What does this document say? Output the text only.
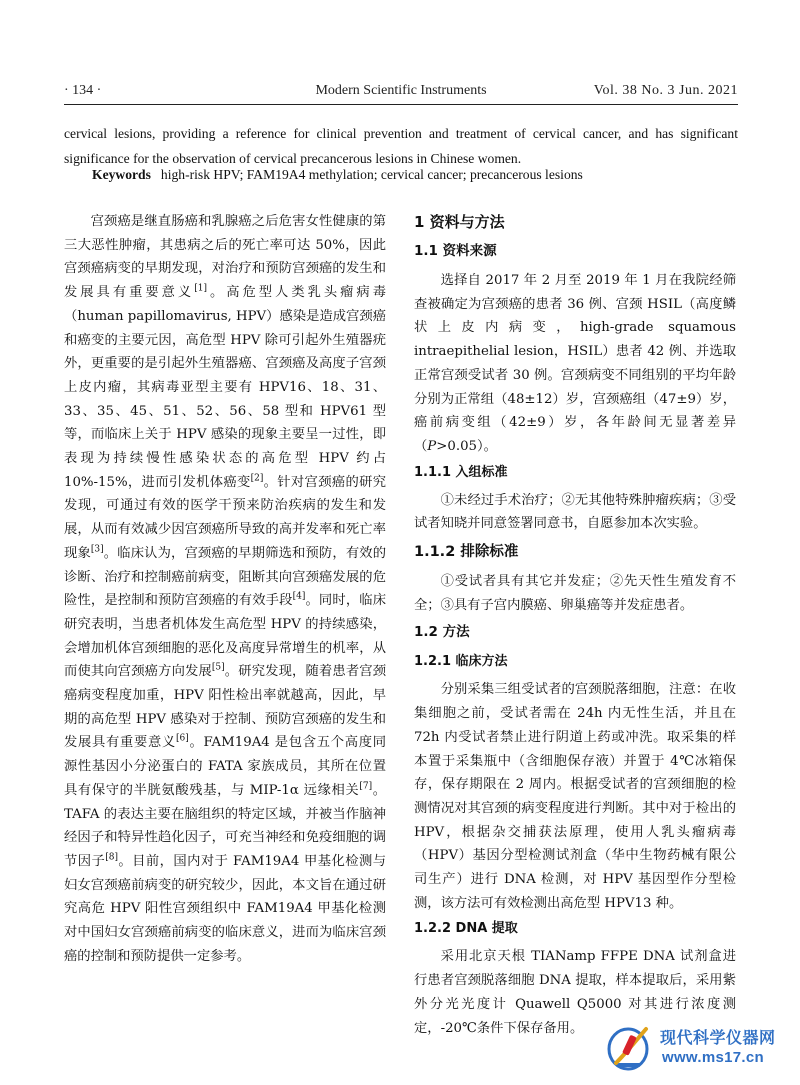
· 134 ·	Modern Scientific Instruments	Vol. 38 No. 3 Jun. 2021

cervical lesions, providing a reference for clinical prevention and treatment of cervical cancer, and has significant significance for the observation of cervical precancerous lesions in Chinese women.

Keywords high-risk HPV; FAM19A4 methylation; cervical cancer; precancerous lesions

宫颈癌是继直肠癌和乳腺癌之后危害女性健康的第三大恶性肿瘤，其患病之后的死亡率可达 50%，因此宫颈癌病变的早期发现，对治疗和预防宫颈癌的发生和发展具有重要意义[1]。高危型人类乳头瘤病毒（human papillomavirus, HPV）感染是造成宫颈癌和癌变的主要元因，高危型 HPV 除可引起外生殖器疣外，更重要的是引起外生殖器癌、宫颈癌及高度子宫颈上皮内瘤，其病毒亚型主要有 HPV16、18、31、33、35、45、51、52、56、58 型和 HPV61 型等，而临床上关于 HPV 感染的现象主要呈一过性，即表现为持续慢性感染状态的高危型 HPV 约占 10%-15%，进而引发机体癌变[2]。针对宫颈癌的研究发现，可通过有效的医学干预来防治疾病的发生和发展，从而有效减少因宫颈癌所导致的高并发率和死亡率现象[3]。临床认为，宫颈癌的早期筛选和预防，有效的诊断、治疗和控制癌前病变，阻断其向宫颈癌发展的危险性，是控制和预防宫颈癌的有效手段[4]。同时，临床研究表明，当患者机体发生高危型 HPV 的持续感染，会增加机体宫颈细胞的恶化及高度异常增生的机率，从而使其向宫颈癌方向发展[5]。研究发现，随着患者宫颈癌病变程度加重，HPV 阳性检出率就越高，因此，早期的高危型 HPV 感染对于控制、预防宫颈癌的发生和发展具有重要意义[6]。FAM19A4 是包含五个高度同源性基因小分泌蛋白的 FATA 家族成员，其所在位置具有保守的半胱氨酸残基，与 MIP-1α 远缘相关[7]。TAFA 的表达主要在脑组织的特定区域，并被当作脑神经因子和特异性趋化因子，可充当神经和免疫细胞的调节因子[8]。目前，国内对于 FAM19A4 甲基化检测与妇女宫颈癌前病变的研究较少，因此，本文旨在通过研究高危 HPV 阳性宫颈组织中 FAM19A4 甲基化检测对中国妇女宫颈癌前病变的临床意义，进而为临床宫颈癌的控制和预防提供一定参考。

1 资料与方法
1.1 资料来源

选择自 2017 年 2 月至 2019 年 1 月在我院经筛查被确定为宫颈癌的患者 36 例、宫颈 HSIL（高度鳞状上皮内病变，high-grade squamous intraepithelial lesion，HSIL）患者 42 例、并选取正常宫颈受试者 30 例。宫颈病变不同组别的平均年龄分别为正常组（48±12）岁，宫颈癌组（47±9）岁，癌前病变组（42±9）岁，各年龄间无显著差异（P>0.05）。

1.1.1 入组标准

①未经过手术治疗；②无其他特殊肿瘤疾病；③受试者知晓并同意签署同意书，自愿参加本次实验。

1.1.2 排除标准

①受试者具有其它并发症；②先天性生殖发育不全；③具有子宫内膜癌、卵巢癌等并发症患者。

1.2 方法
1.2.1 临床方法

分别采集三组受试者的宫颈脱落细胞，注意：在收集细胞之前，受试者需在 24h 内无性生活，并且在 72h 内受试者禁止进行阴道上药或冲洗。取采集的样本置于采集瓶中（含细胞保存液）并置于 4℃冰箱保存，保存期限在 2 周内。根据受试者的宫颈细胞的检测情况对其宫颈的病变程度进行判断。其中对于检出的 HPV，根据杂交捕获法原理，使用人乳头瘤病毒（HPV）基因分型检测试剂盒（华中生物药械有限公司生产）进行 DNA 检测，对 HPV 基因型作分型检测，该方法可有效检测出高危型 HPV13 种。

1.2.2 DNA 提取

采用北京天根 TIANamp FFPE DNA 试剂盒进行患者宫颈脱落细胞 DNA 提取，样本提取后，采用紫外分光光度计 Quawell Q5000 对其进行浓度测定，-20℃条件下保存备用。	现代科学仪器网
www.ms17.cn
